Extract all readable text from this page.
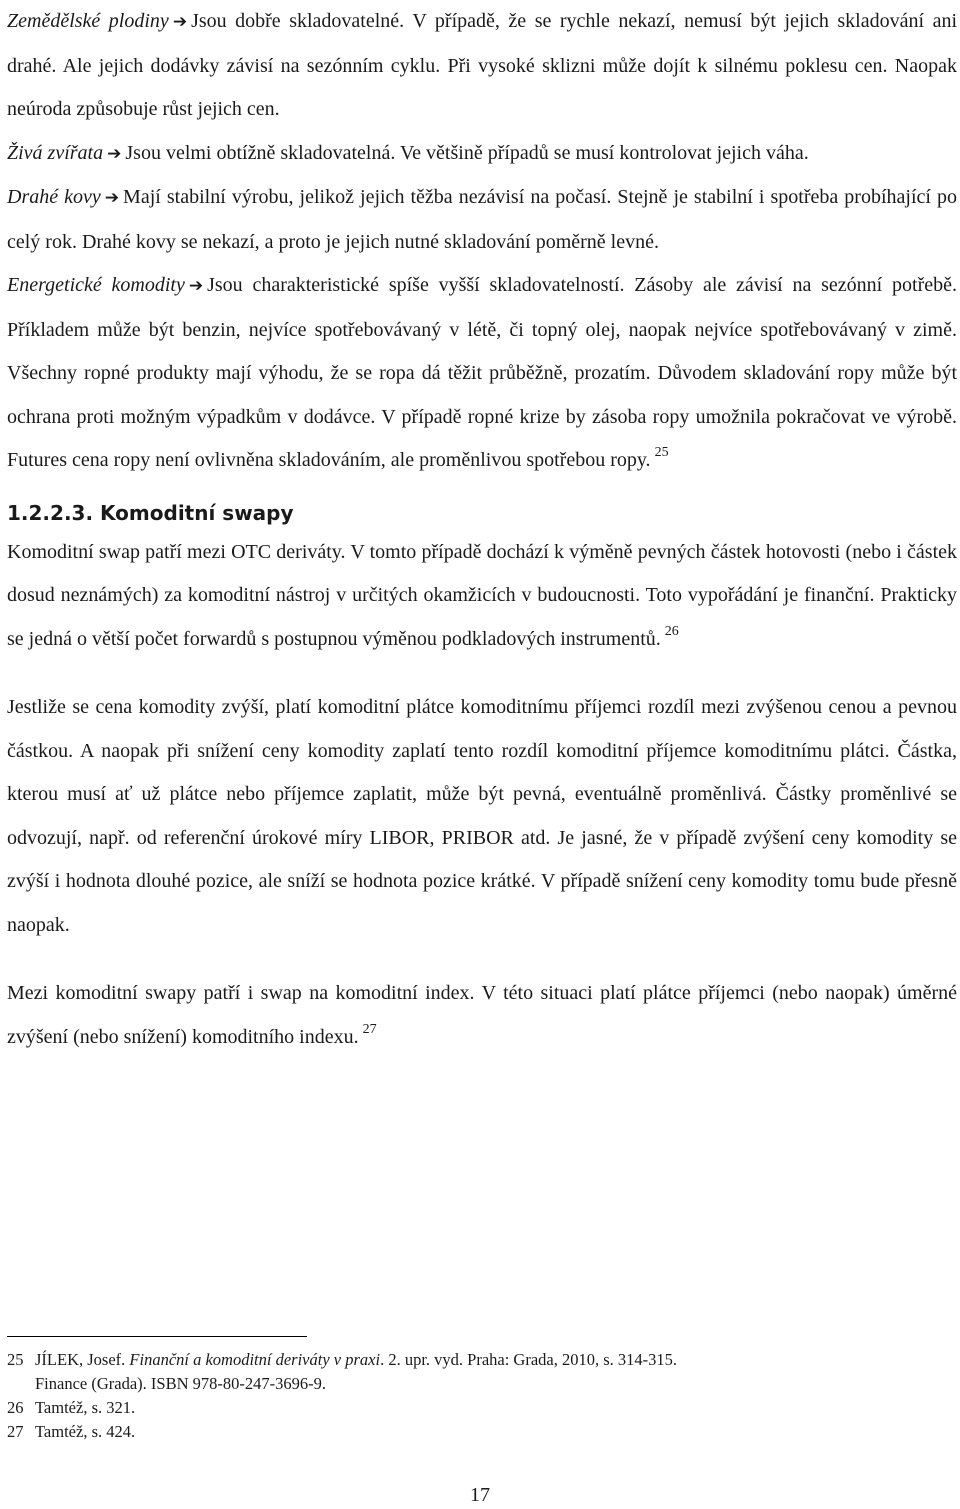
Zemědělské plodiny ➔ Jsou dobře skladovatelné. V případě, že se rychle nekazí, nemusí být jejich skladování ani drahé. Ale jejich dodávky závisí na sezónním cyklu. Při vysoké sklizni může dojít k silnému poklesu cen. Naopak neúroda způsobuje růst jejich cen.

Živá zvířata ➔ Jsou velmi obtížně skladovatelná. Ve většině případů se musí kontrolovat jejich váha.

Drahé kovy ➔ Mají stabilní výrobu, jelikož jejich těžba nezávisí na počasí. Stejně je stabilní i spotřeba probíhající po celý rok. Drahé kovy se nekazí, a proto je jejich nutné skladování poměrně levné.

Energetické komodity ➔ Jsou charakteristické spíše vyšší skladovatelností. Zásoby ale závisí na sezónní potřebě. Příkladem může být benzin, nejvíce spotřebovávaný v létě, či topný olej, naopak nejvíce spotřebovávaný v zimě. Všechny ropné produkty mají výhodu, že se ropa dá těžit průběžně, prozatím. Důvodem skladování ropy může být ochrana proti možným výpadkům v dodávce. V případě ropné krize by zásoba ropy umožnila pokračovat ve výrobě. Futures cena ropy není ovlivněna skladováním, ale proměnlivou spotřebou ropy. $^{25}$

1.2.2.3. Komoditní swapy

Komoditní swap patří mezi OTC deriváty. V tomto případě dochází k výměně pevných částek hotovosti (nebo i částek dosud neznámých) za komoditní nástroj v určitých okamžicích v budoucnosti. Toto vypořádání je finanční. Prakticky se jedná o větší počet forwardů s postupnou výměnou podkladových instrumentů. $^{26}$

Jestliže se cena komodity zvýší, platí komoditní plátce komoditnímu příjemci rozdíl mezi zvýšenou cenou a pevnou částkou. A naopak při snížení ceny komodity zaplatí tento rozdíl komoditní příjemce komoditnímu plátci. Částka, kterou musí ať už plátce nebo příjemce zaplatit, může být pevná, eventuálně proměnlivá. Částky proměnlivé se odvozují, např. od referenční úrokové míry LIBOR, PRIBOR atd. Je jasné, že v případě zvýšení ceny komodity se zvýší i hodnota dlouhé pozice, ale sníží se hodnota pozice krátké. V případě snížení ceny komodity tomu bude přesně naopak.

Mezi komoditní swapy patří i swap na komoditní index. V této situaci platí plátce příjemci (nebo naopak) úměrné zvýšení (nebo snížení) komoditního indexu. $^{27}$

25 JÍLEK, Josef. Finanční a komoditní deriváty v praxi. 2. upr. vyd. Praha: Grada, 2010, s. 314-315.
Finance (Grada). ISBN 978-80-247-3696-9.
26 Tamtéž, s. 321.
27 Tamtéž, s. 424.
17
